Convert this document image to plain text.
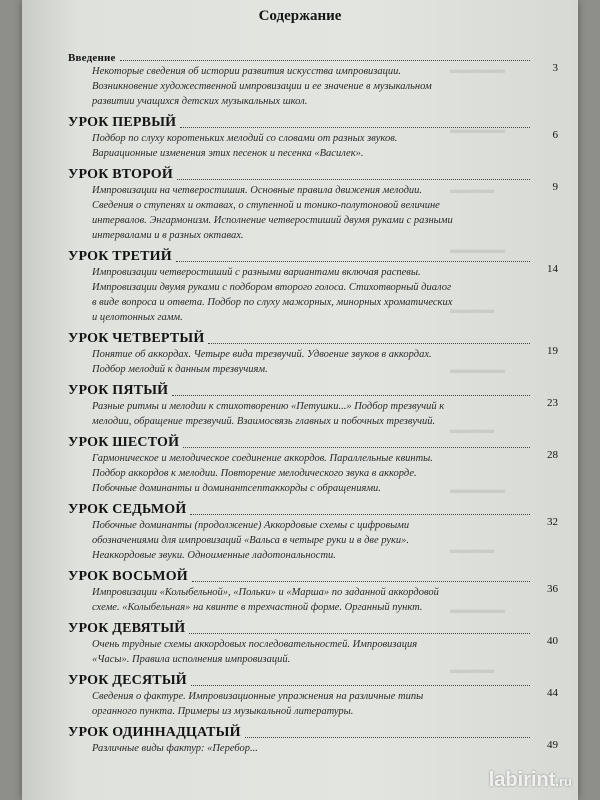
▬▬▬▬▬
▬▬▬▬▬
▬▬▬▬
▬▬▬▬▬
▬▬▬▬
▬▬▬▬▬
▬▬▬▬
▬▬▬▬▬
▬▬▬▬
▬▬▬▬▬
▬▬▬▬
Содержание
Введение
3
Некоторые сведения об истории развития искусства импровизации.
Возникновение художественной импровизации и ее значение в музыкальном
развитии учащихся детских музыкальных школ.
УРОК ПЕРВЫЙ
6
Подбор по слуху коротеньких мелодий со словами от разных звуков.
Вариационные изменения этих песенок и песенка «Василек».
УРОК ВТОРОЙ
9
Импровизации на четверостишия. Основные правила движения мелодии.
Сведения о ступенях и октавах, о ступенной и тонико-полутоновой величине
интервалов. Энгармонизм. Исполнение четверостиший двумя руками с разными
интервалами и в разных октавах.
УРОК ТРЕТИЙ
14
Импровизации четверостиший с разными вариантами включая распевы.
Импровизации двумя руками с подбором второго голоса. Стихотворный диалог
в виде вопроса и ответа. Подбор по слуху мажорных, минорных хроматических
и целотонных гамм.
УРОК ЧЕТВЕРТЫЙ
19
Понятие об аккордах. Четыре вида трезвучий. Удвоение звуков в аккордах.
Подбор мелодий к данным трезвучиям.
УРОК ПЯТЫЙ
23
Разные ритмы и мелодии к стихотворению «Петушки...» Подбор трезвучий к
мелодии, обращение трезвучий. Взаимосвязь главных и побочных трезвучий.
УРОК ШЕСТОЙ
28
Гармоническое и мелодическое соединение аккордов. Параллельные квинты.
Подбор аккордов к мелодии. Повторение мелодического звука в аккорде.
Побочные доминанты и доминантсептаккорды с обращениями.
УРОК СЕДЬМОЙ
32
Побочные доминанты (продолжение) Аккордовые схемы с цифровыми
обозначениями для импровизаций «Вальса в четыре руки и в две руки».
Неаккордовые звуки. Одноименные ладотональности.
УРОК ВОСЬМОЙ
36
Импровизации «Колыбельной», «Польки» и «Марша» по заданной аккордовой
схеме. «Колыбельная» на квинте в трехчастной форме. Органный пункт.
УРОК ДЕВЯТЫЙ
40
Очень трудные схемы аккордовых последовательностей. Импровизация
«Часы». Правила исполнения импровизаций.
УРОК ДЕСЯТЫЙ
44
Сведения о фактуре. Импровизационные упражнения на различные типы
органного пункта. Примеры из музыкальной литературы.
УРОК ОДИННАДЦАТЫЙ
49
Различные виды фактур: «Перебор...
labirint.ru
